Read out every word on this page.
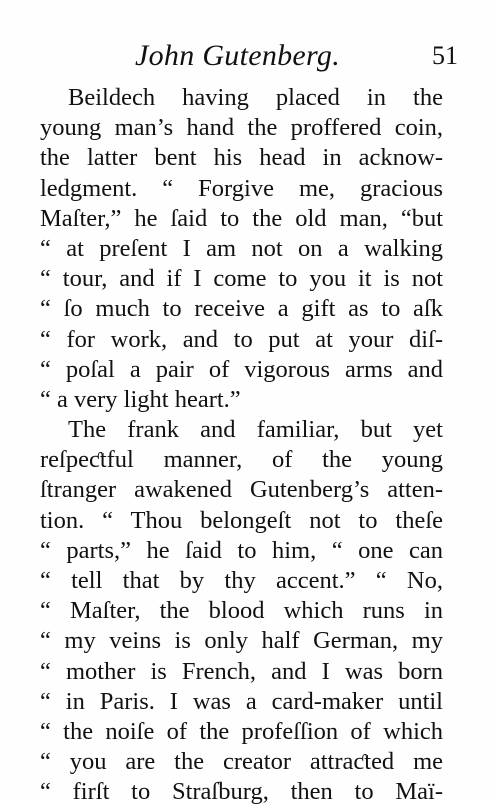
John Gutenberg.	51
Beildech having placed in the
young man’s hand the proffered coin,
the latter bent his head in acknow-
ledgment. “ Forgive me, gracious
Maſter,” he ſaid to the old man, “but
“ at preſent I am not on a walking
“ tour, and if I come to you it is not
“ ſo much to receive a gift as to aſk
“ for work, and to put at your diſ-
“ poſal a pair of vigorous arms and
“ a very light heart.”
The frank and familiar, but yet
reſpeƈtful manner, of the young
ſtranger awakened Gutenberg’s atten-
tion. “ Thou belongeſt not to theſe
“ parts,” he ſaid to him, “ one can
“ tell that by thy accent.” “ No,
“ Maſter, the blood which runs in
“ my veins is only half German, my
“ mother is French, and I was born
“ in Paris. I was a card-maker until
“ the noiſe of the profeſſion of which
“ you are the creator attraƈted me
“ firſt to Straſburg, then to Maï-
